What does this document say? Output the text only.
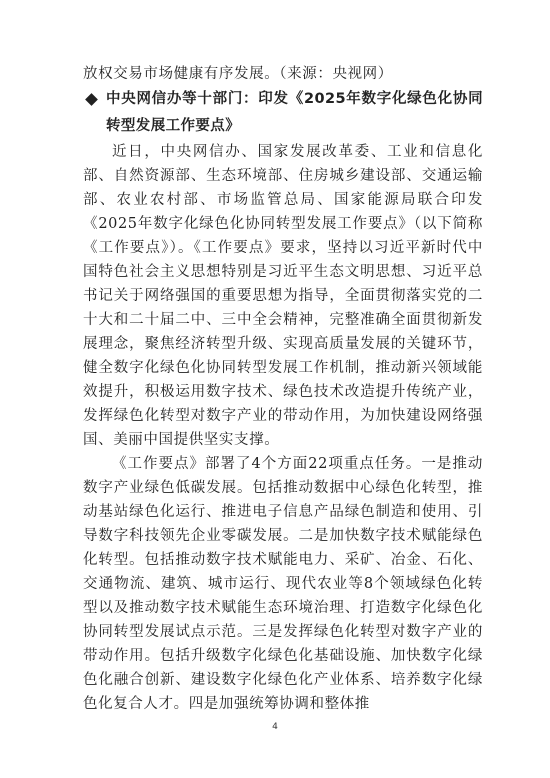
放权交易市场健康有序发展。（来源：央视网）

中央网信办等十部门：印发《2025年数字化绿色化协同转型发展工作要点》

近日，中央网信办、国家发展改革委、工业和信息化部、自然资源部、生态环境部、住房城乡建设部、交通运输部、农业农村部、市场监管总局、国家能源局联合印发《2025年数字化绿色化协同转型发展工作要点》（以下简称《工作要点》）。《工作要点》要求，坚持以习近平新时代中国特色社会主义思想特别是习近平生态文明思想、习近平总书记关于网络强国的重要思想为指导，全面贯彻落实党的二十大和二十届二中、三中全会精神，完整准确全面贯彻新发展理念，聚焦经济转型升级、实现高质量发展的关键环节，健全数字化绿色化协同转型发展工作机制，推动新兴领域能效提升，积极运用数字技术、绿色技术改造提升传统产业，发挥绿色化转型对数字产业的带动作用，为加快建设网络强国、美丽中国提供坚实支撑。

《工作要点》部署了4个方面22项重点任务。一是推动数字产业绿色低碳发展。包括推动数据中心绿色化转型，推动基站绿色化运行、推进电子信息产品绿色制造和使用、引导数字科技领先企业零碳发展。二是加快数字技术赋能绿色化转型。包括推动数字技术赋能电力、采矿、冶金、石化、交通物流、建筑、城市运行、现代农业等8个领域绿色化转型以及推动数字技术赋能生态环境治理、打造数字化绿色化协同转型发展试点示范。三是发挥绿色化转型对数字产业的带动作用。包括升级数字化绿色化基础设施、加快数字化绿色化融合创新、建设数字化绿色化产业体系、培养数字化绿色化复合人才。四是加强统筹协调和整体推

4
